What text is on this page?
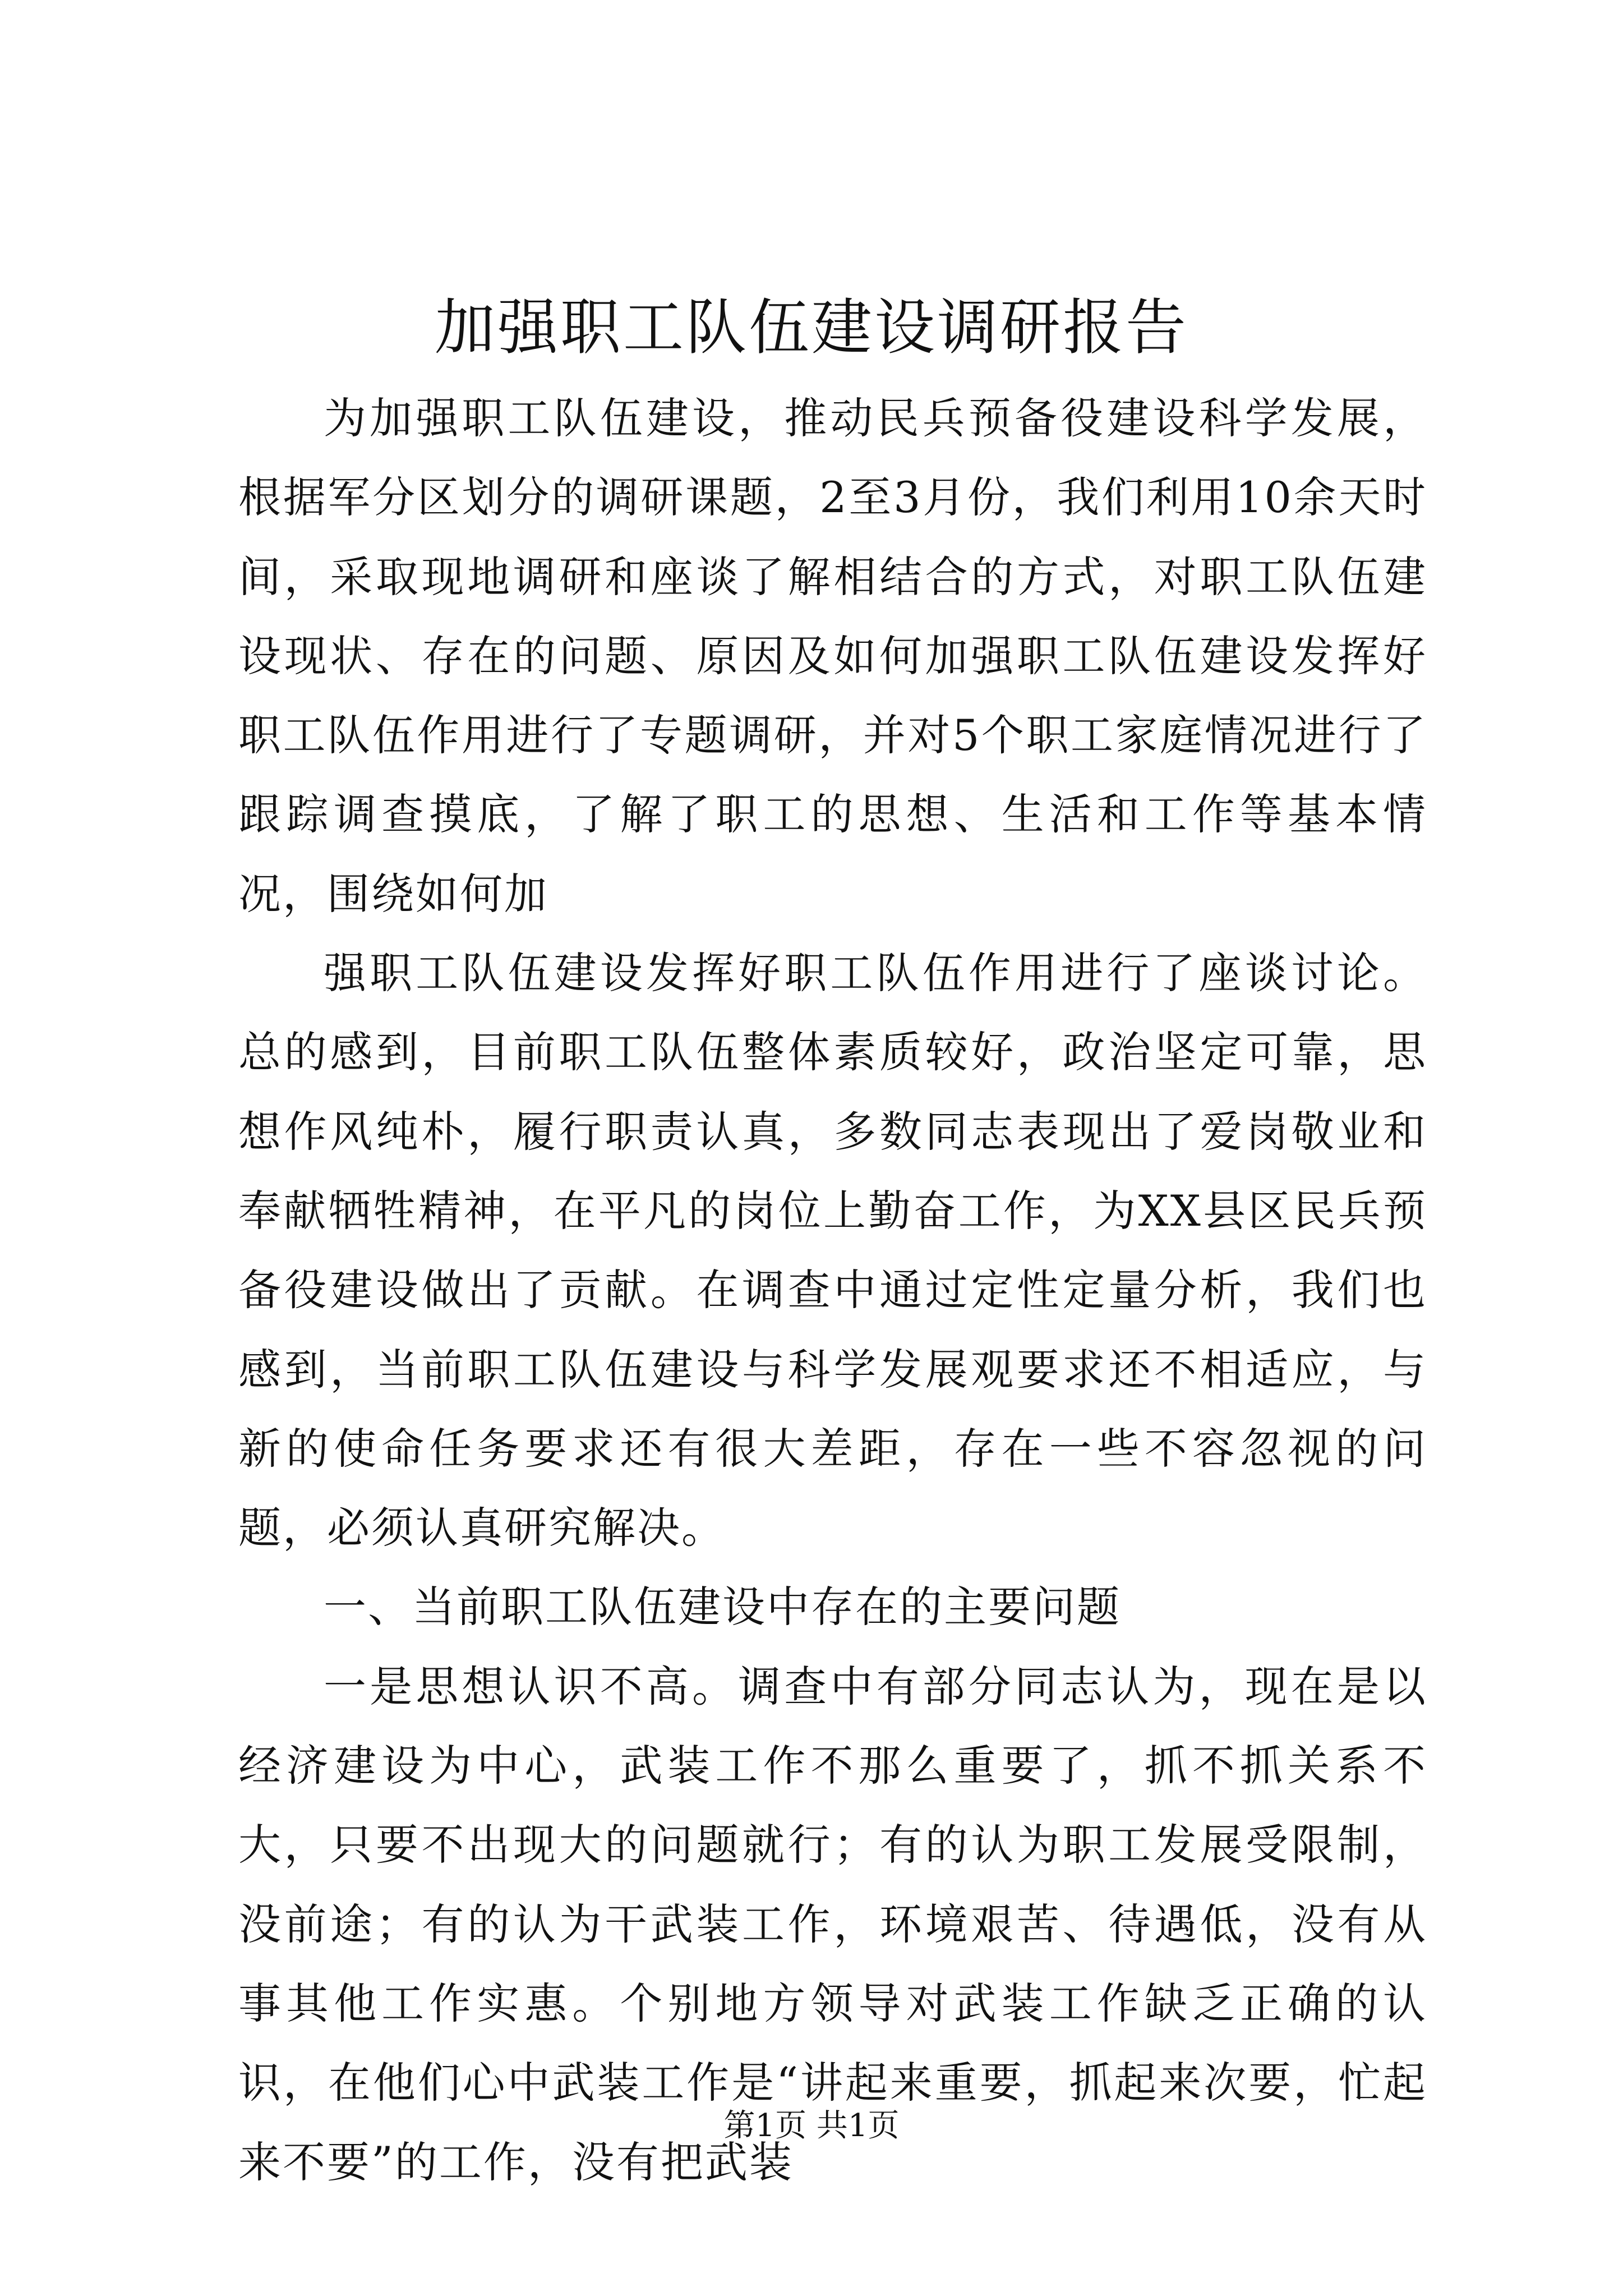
加强职工队伍建设调研报告

为加强职工队伍建设，推动民兵预备役建设科学发展，根据军分区划分的调研课题，2至3月份，我们利用10余天时间，采取现地调研和座谈了解相结合的方式，对职工队伍建设现状、存在的问题、原因及如何加强职工队伍建设发挥好职工队伍作用进行了专题调研，并对5个职工家庭情况进行了跟踪调查摸底，了解了职工的思想、生活和工作等基本情况，围绕如何加

强职工队伍建设发挥好职工队伍作用进行了座谈讨论。总的感到，目前职工队伍整体素质较好，政治坚定可靠，思想作风纯朴，履行职责认真，多数同志表现出了爱岗敬业和奉献牺牲精神，在平凡的岗位上勤奋工作，为XX县区民兵预备役建设做出了贡献。在调查中通过定性定量分析，我们也感到，当前职工队伍建设与科学发展观要求还不相适应，与新的使命任务要求还有很大差距，存在一些不容忽视的问题，必须认真研究解决。

一、当前职工队伍建设中存在的主要问题

一是思想认识不高。调查中有部分同志认为，现在是以经济建设为中心，武装工作不那么重要了，抓不抓关系不大，只要不出现大的问题就行；有的认为职工发展受限制，没前途；有的认为干武装工作，环境艰苦、待遇低，没有从事其他工作实惠。个别地方领导对武装工作缺乏正确的认识，在他们心中武装工作是“讲起来重要，抓起来次要，忙起来不要”的工作，没有把武装

第1页 共1页
